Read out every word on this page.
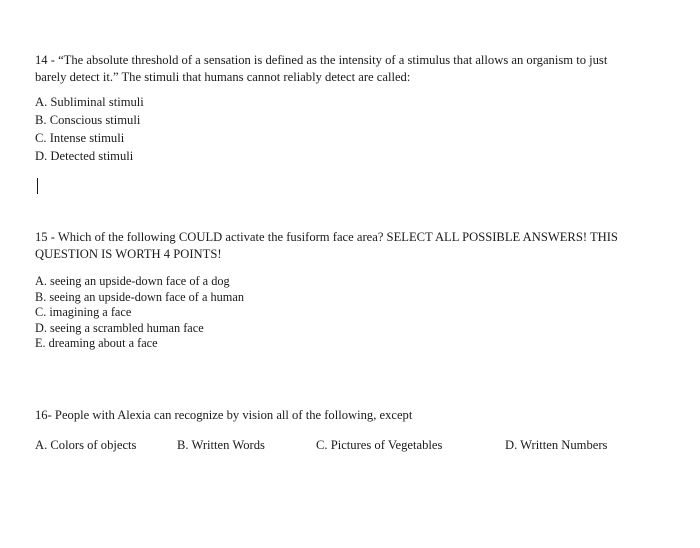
14 - “The absolute threshold of a sensation is defined as the intensity of a stimulus that allows an organism to just
barely detect it.” The stimuli that humans cannot reliably detect are called:
A. Subliminal stimuli
B. Conscious stimuli
C. Intense stimuli
D. Detected stimuli
15 - Which of the following COULD activate the fusiform face area? SELECT ALL POSSIBLE ANSWERS! THIS
QUESTION IS WORTH 4 POINTS!
A. seeing an upside-down face of a dog
B. seeing an upside-down face of a human
C. imagining a face
D. seeing a scrambled human face
E. dreaming about a face
16- People with Alexia can recognize by vision all of the following, except
A. Colors of objects	B. Written Words	C. Pictures of Vegetables	D. Written Numbers
